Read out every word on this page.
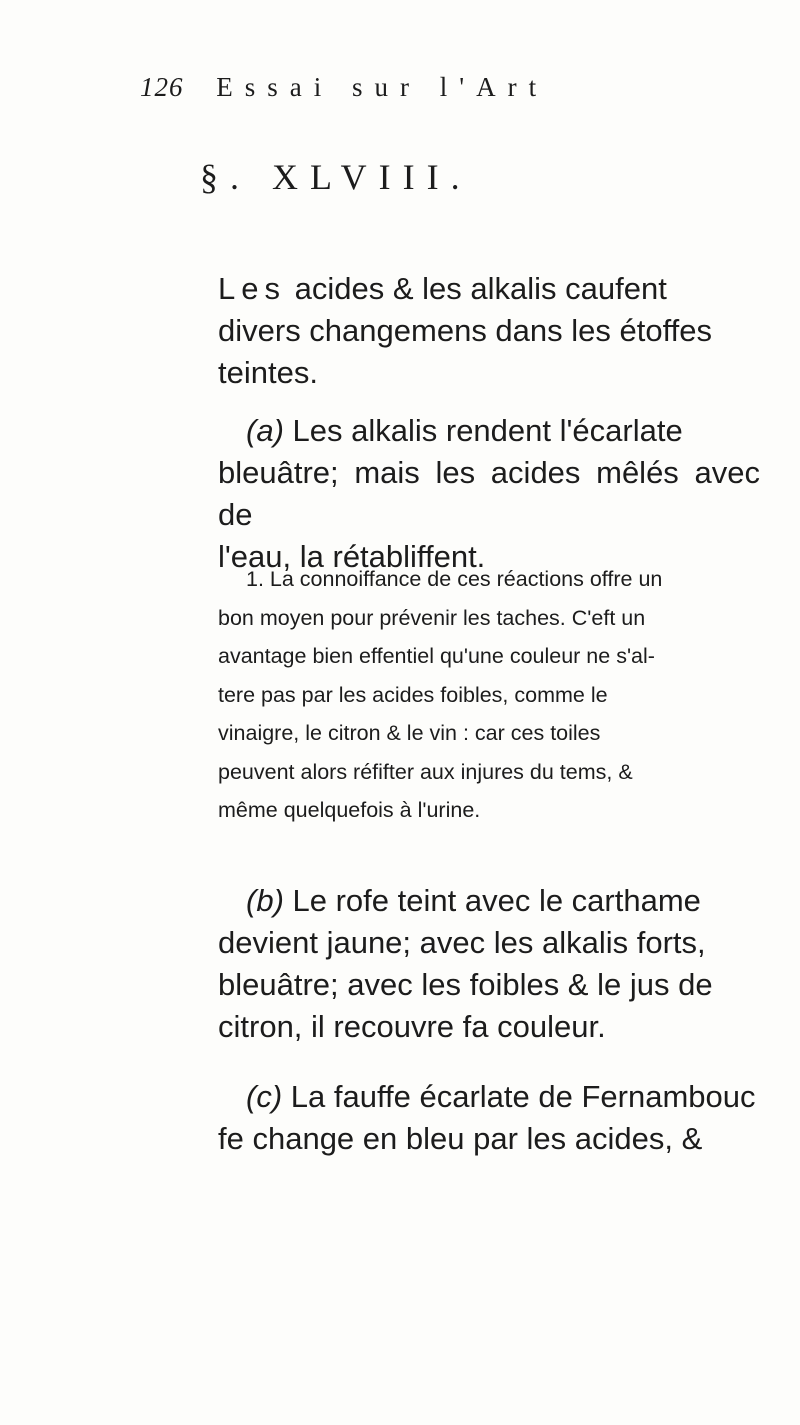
126 Essai sur l'Art
§. XLVIII.
Les acides & les alkalis caufent
divers changemens dans les étoffes
teintes.
(a) Les alkalis rendent l'écarlate
bleuâtre; mais les acides mêlés avec de
l'eau, la rétabliffent.
1. La connoiffance de ces réactions offre un
bon moyen pour prévenir les taches. C'eft un
avantage bien effentiel qu'une couleur ne s'al-
tere pas par les acides foibles, comme le
vinaigre, le citron & le vin : car ces toiles
peuvent alors réfifter aux injures du tems, &
même quelquefois à l'urine.
(b) Le rofe teint avec le carthame
devient jaune; avec les alkalis forts,
bleuâtre; avec les foibles & le jus de
citron, il recouvre fa couleur.
(c) La fauffe écarlate de Fernambouc
fe change en bleu par les acides, &
